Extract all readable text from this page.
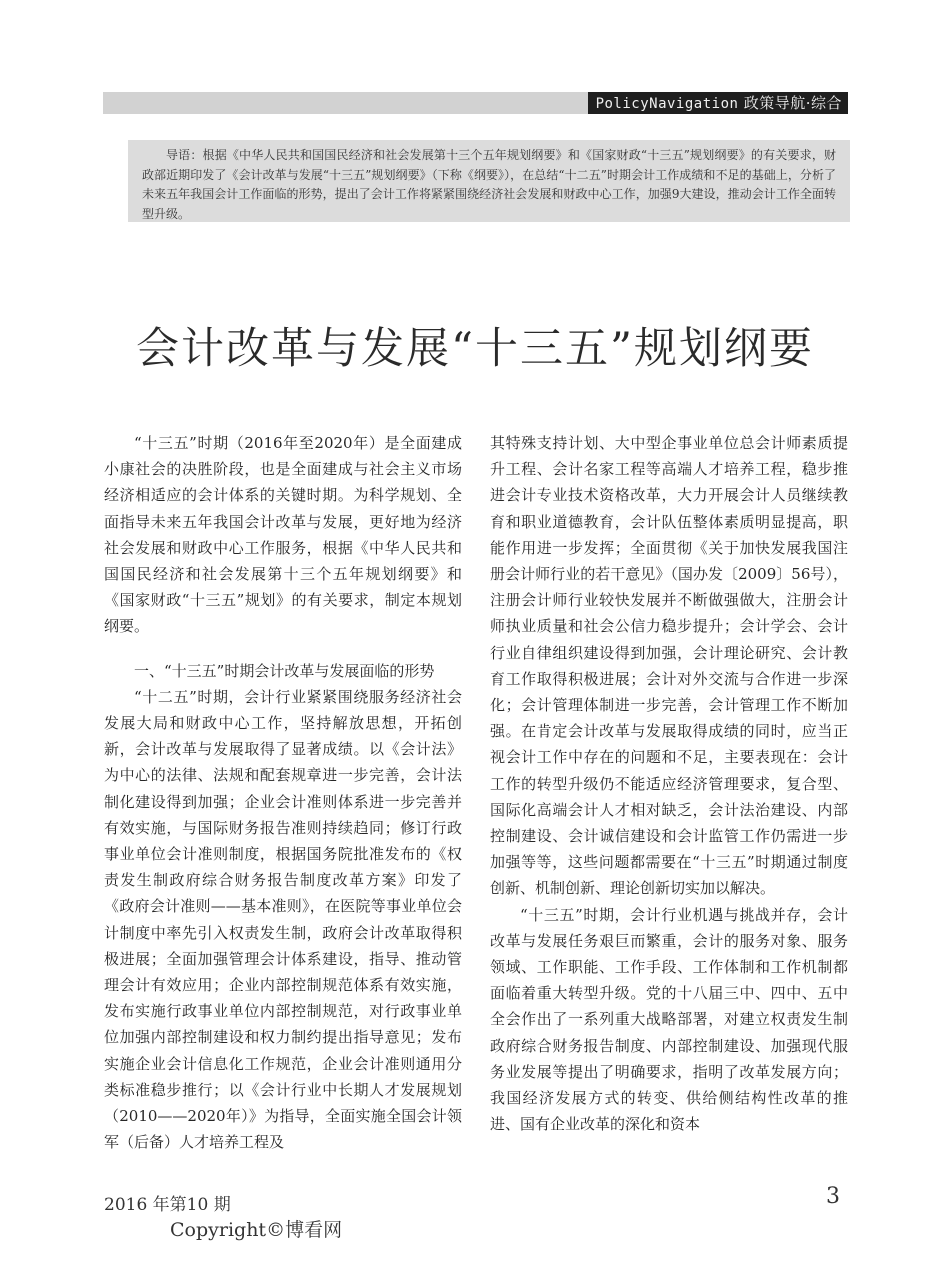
PolicyNavigation 政策导航·综合

导语：根据《中华人民共和国国民经济和社会发展第十三个五年规划纲要》和《国家财政“十三五”规划纲要》的有关要求，财政部近期印发了《会计改革与发展“十三五”规划纲要》（下称《纲要》），在总结“十二五”时期会计工作成绩和不足的基础上，分析了未来五年我国会计工作面临的形势，提出了会计工作将紧紧围绕经济社会发展和财政中心工作，加强9大建设，推动会计工作全面转型升级。

会计改革与发展“十三五”规划纲要

“十三五”时期（2016年至2020年）是全面建成小康社会的决胜阶段，也是全面建成与社会主义市场经济相适应的会计体系的关键时期。为科学规划、全面指导未来五年我国会计改革与发展，更好地为经济社会发展和财政中心工作服务，根据《中华人民共和国国民经济和社会发展第十三个五年规划纲要》和《国家财政“十三五”规划》的有关要求，制定本规划纲要。

一、“十三五”时期会计改革与发展面临的形势

“十二五”时期，会计行业紧紧围绕服务经济社会发展大局和财政中心工作，坚持解放思想，开拓创新，会计改革与发展取得了显著成绩。以《会计法》为中心的法律、法规和配套规章进一步完善，会计法制化建设得到加强；企业会计准则体系进一步完善并有效实施，与国际财务报告准则持续趋同；修订行政事业单位会计准则制度，根据国务院批准发布的《权责发生制政府综合财务报告制度改革方案》印发了《政府会计准则——基本准则》，在医院等事业单位会计制度中率先引入权责发生制，政府会计改革取得积极进展；全面加强管理会计体系建设，指导、推动管理会计有效应用；企业内部控制规范体系有效实施，发布实施行政事业单位内部控制规范，对行政事业单位加强内部控制建设和权力制约提出指导意见；发布实施企业会计信息化工作规范，企业会计准则通用分类标准稳步推行；以《会计行业中长期人才发展规划（2010——2020年）》为指导，全面实施全国会计领军（后备）人才培养工程及

其特殊支持计划、大中型企事业单位总会计师素质提升工程、会计名家工程等高端人才培养工程，稳步推进会计专业技术资格改革，大力开展会计人员继续教育和职业道德教育，会计队伍整体素质明显提高，职能作用进一步发挥；全面贯彻《关于加快发展我国注册会计师行业的若干意见》（国办发〔2009〕56号），注册会计师行业较快发展并不断做强做大，注册会计师执业质量和社会公信力稳步提升；会计学会、会计行业自律组织建设得到加强，会计理论研究、会计教育工作取得积极进展；会计对外交流与合作进一步深化；会计管理体制进一步完善，会计管理工作不断加强。在肯定会计改革与发展取得成绩的同时，应当正视会计工作中存在的问题和不足，主要表现在：会计工作的转型升级仍不能适应经济管理要求，复合型、国际化高端会计人才相对缺乏，会计法治建设、内部控制建设、会计诚信建设和会计监管工作仍需进一步加强等等，这些问题都需要在“十三五”时期通过制度创新、机制创新、理论创新切实加以解决。

“十三五”时期，会计行业机遇与挑战并存，会计改革与发展任务艰巨而繁重，会计的服务对象、服务领域、工作职能、工作手段、工作体制和工作机制都面临着重大转型升级。党的十八届三中、四中、五中全会作出了一系列重大战略部署，对建立权责发生制政府综合财务报告制度、内部控制建设、加强现代服务业发展等提出了明确要求，指明了改革发展方向；我国经济发展方式的转变、供给侧结构性改革的推进、国有企业改革的深化和资本

2016 年第10 期	3
Copyright©博看网
